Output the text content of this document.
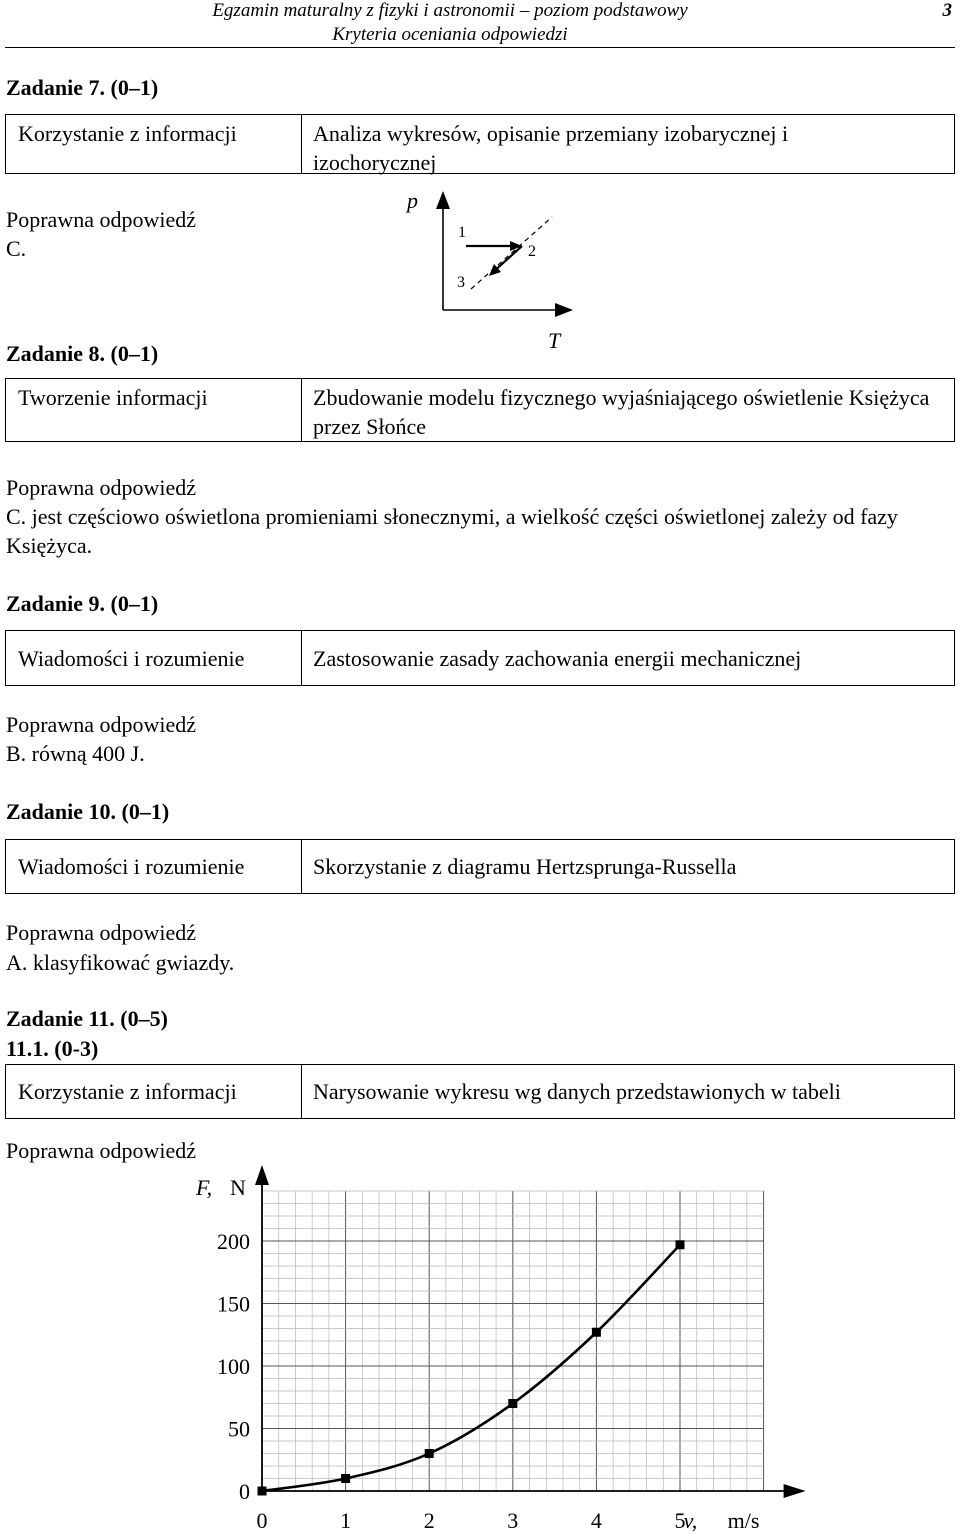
Egzamin maturalny z fizyki i astronomii – poziom podstawowy
Kryteria oceniania odpowiedzi
3
Zadanie 7. (0–1)
Korzystanie z informacji	Analiza wykresów, opisanie przemiany izobarycznej i izochorycznej
Poprawna odpowiedź
C.
p
T
1
2
3
Zadanie 8. (0–1)
Tworzenie informacji	Zbudowanie modelu fizycznego wyjaśniającego oświetlenie Księżyca przez Słońce
Poprawna odpowiedź
C. jest częściowo oświetlona promieniami słonecznymi, a wielkość części oświetlonej zależy od fazy Księżyca.
Zadanie 9. (0–1)
Wiadomości i rozumienie	Zastosowanie zasady zachowania energii mechanicznej
Poprawna odpowiedź
B. równą 400 J.
Zadanie 10. (0–1)
Wiadomości i rozumienie	Skorzystanie z diagramu Hertzsprunga-Russella
Poprawna odpowiedź
A. klasyfikować gwiazdy.
Zadanie 11. (0–5)
11.1. (0-3)
Korzystanie z informacji	Narysowanie wykresu wg danych przedstawionych w tabeli
Poprawna odpowiedź
0	1	2	3	4	5
0
50
100
150
200
F, N
v, m/s
